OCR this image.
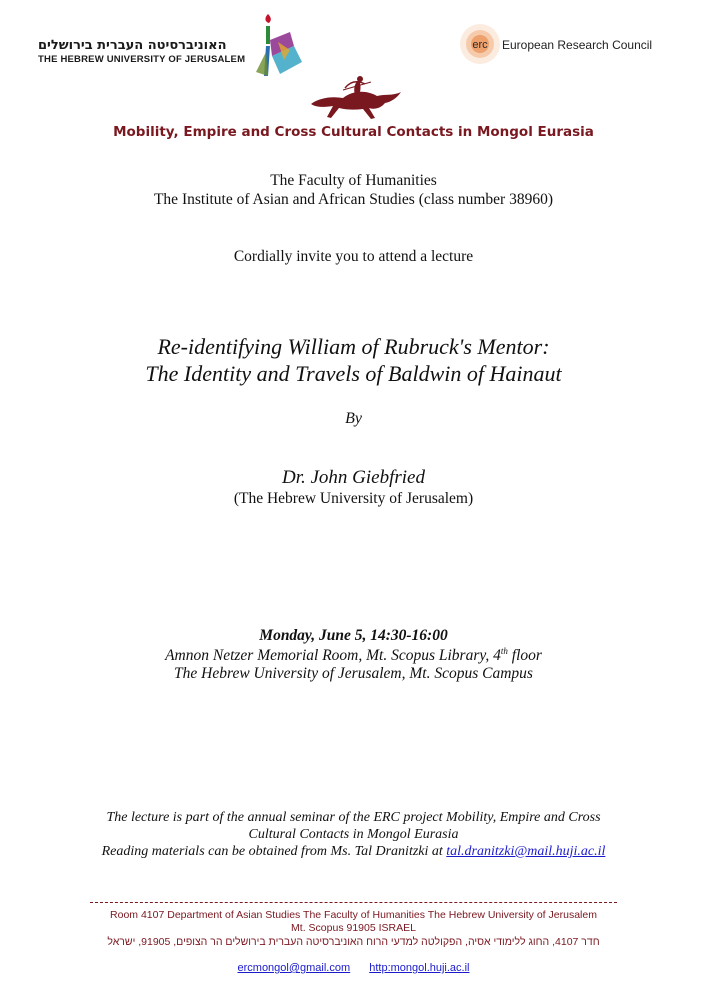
האוניברסיטה העברית בירושלים
THE HEBREW UNIVERSITY OF JERUSALEM
erc European Research Council
Mobility, Empire and Cross Cultural Contacts in Mongol Eurasia
The Faculty of Humanities
The Institute of Asian and African Studies (class number 38960)
Cordially invite you to attend a lecture
Re-identifying William of Rubruck's Mentor:
The Identity and Travels of Baldwin of Hainaut
By
Dr. John Giebfried
(The Hebrew University of Jerusalem)
Monday, June 5, 14:30-16:00
Amnon Netzer Memorial Room, Mt. Scopus Library, 4th floor
The Hebrew University of Jerusalem, Mt. Scopus Campus
The lecture is part of the annual seminar of the ERC project Mobility, Empire and Cross
Cultural Contacts in Mongol Eurasia
Reading materials can be obtained from Ms. Tal Dranitzki at tal.dranitzki@mail.huji.ac.il
Room 4107 Department of Asian Studies The Faculty of Humanities The Hebrew University of Jerusalem
Mt. Scopus 91905 ISRAEL
חדר 4107, החוג ללימודי אסיה, הפקולטה למדעי הרוח האוניברסיטה העברית בירושלים הר הצופים, 91905, ישראל
ercmongol@gmail.com http:mongol.huji.ac.il
